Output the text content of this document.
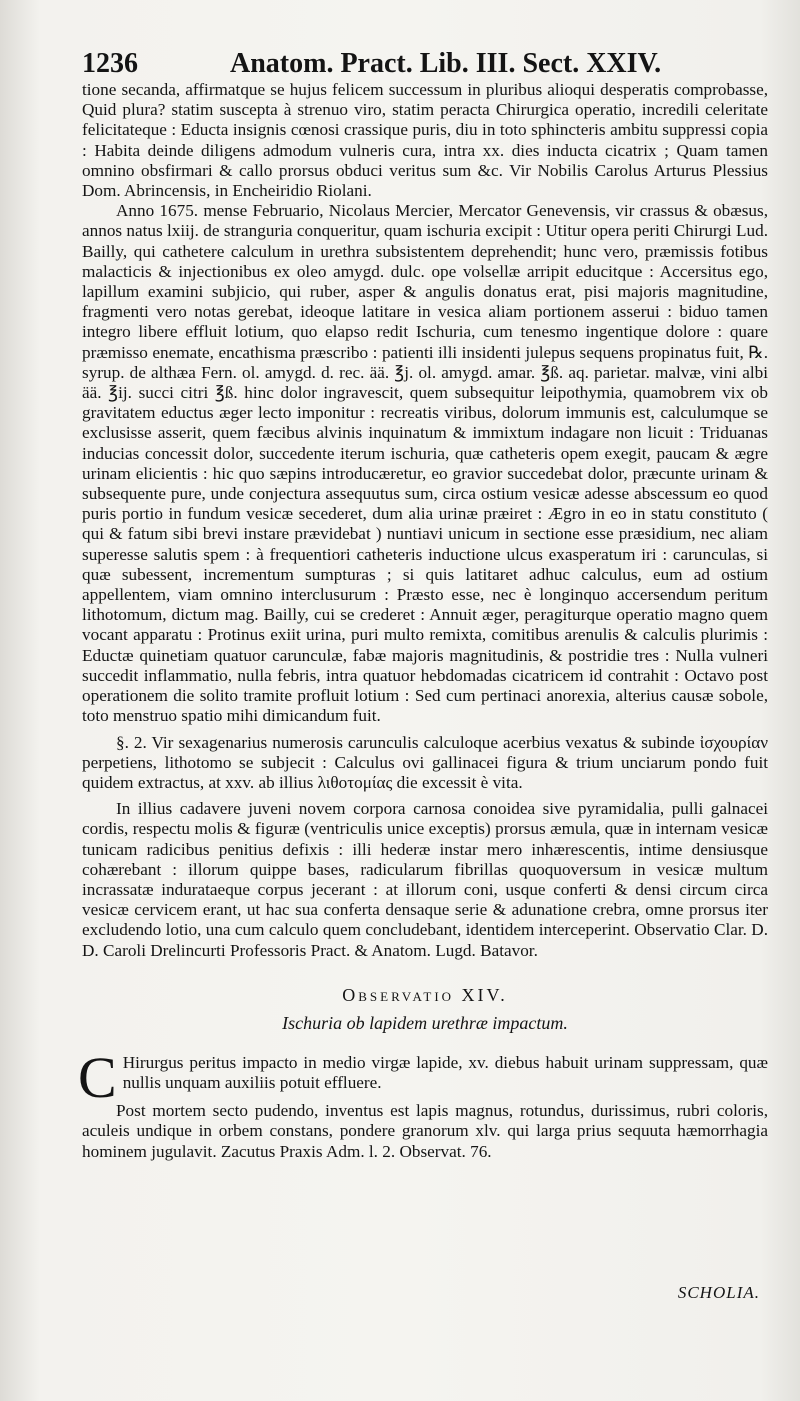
1236	Anatom. Pract. Lib. III. Sect. XXIV.

tione secanda, affirmatque se hujus felicem successum in pluribus alioqui desperatis comprobasse, Quid plura? statim suscepta à strenuo viro, statim peracta Chirurgica operatio, incredili celeritate felicitateque : Educta insignis cœnosi crassique puris, diu in toto sphincteris ambitu suppressi copia : Habita deinde diligens admodum vulneris cura, intra xx. dies inducta cicatrix ; Quam tamen omnino obsfirmari & callo prorsus obduci veritus sum &c. Vir Nobilis Carolus Arturus Plessius Dom. Abrincensis, in Encheiridio Riolani.

Anno 1675. mense Februario, Nicolaus Mercier, Mercator Genevensis, vir crassus & obæsus, annos natus lxiij. de stranguria conqueritur, quam ischuria excipit : Utitur opera periti Chirurgi Lud. Bailly, qui cathetere calculum in urethra subsistentem deprehendit; hunc vero, præmissis fotibus malacticis & injectionibus ex oleo amygd. dulc. ope volsellæ arripit educitque : Accersitus ego, lapillum examini subjicio, qui ruber, asper & angulis donatus erat, pisi majoris magnitudine, fragmenti vero notas gerebat, ideoque latitare in vesica aliam portionem asserui : biduo tamen integro libere effluit lotium, quo elapso redit Ischuria, cum tenesmo ingentique dolore : quare præmisso enemate, encathisma præscribo : patienti illi insidenti julepus sequens propinatus fuit, ℞. syrup. de althæa Fern. ol. amygd. d. rec. ää. ℥j. ol. amygd. amar. ℥ß. aq. parietar. malvæ, vini albi ää. ℥ij. succi citri ℥ß. hinc dolor ingravescit, quem subsequitur leipothymia, quamobrem vix ob gravitatem eductus æger lecto imponitur : recreatis viribus, dolorum immunis est, calculumque se exclusisse asserit, quem fæcibus alvinis inquinatum & immixtum indagare non licuit : Triduanas inducias concessit dolor, succedente iterum ischuria, quæ catheteris opem exegit, paucam & ægre urinam elicientis : hic quo sæpins introducæretur, eo gravior succedebat dolor, præcunte urinam & subsequente pure, unde conjectura assequutus sum, circa ostium vesicæ adesse abscessum eo quod puris portio in fundum vesicæ secederet, dum alia urinæ præiret : Ægro in eo in statu constituto ( qui & fatum sibi brevi instare prævidebat ) nuntiavi unicum in sectione esse præsidium, nec aliam superesse salutis spem : à frequentiori catheteris inductione ulcus exasperatum iri : carunculas, si quæ subessent, incrementum sumpturas ; si quis latitaret adhuc calculus, eum ad ostium appellentem, viam omnino interclusurum : Præsto esse, nec è longinquo accersendum peritum lithotomum, dictum mag. Bailly, cui se crederet : Annuit æger, peragiturque operatio magno quem vocant apparatu : Protinus exiit urina, puri multo remixta, comitibus arenulis & calculis plurimis : Eductæ quinetiam quatuor carunculæ, fabæ majoris magnitudinis, & postridie tres : Nulla vulneri succedit inflammatio, nulla febris, intra quatuor hebdomadas cicatricem id contrahit : Octavo post operationem die solito tramite profluit lotium : Sed cum pertinaci anorexia, alterius causæ sobole, toto menstruo spatio mihi dimicandum fuit.

§. 2. Vir sexagenarius numerosis carunculis calculoque acerbius vexatus & subinde ἰσχουρίαν perpetiens, lithotomo se subjecit : Calculus ovi gallinacei figura & trium unciarum pondo fuit quidem extractus, at xxv. ab illius λιθοτομίας die excessit è vita.

In illius cadavere juveni novem corpora carnosa conoidea sive pyramidalia, pulli galnacei cordis, respectu molis & figuræ (ventriculis unice exceptis) prorsus æmula, quæ in internam vesicæ tunicam radicibus penitius defixis : illi hederæ instar mero inhærescentis, intime densiusque cohærebant : illorum quippe bases, radicularum fibrillas quoquoversum in vesicæ multum incrassatæ indurataeque corpus jecerant : at illorum coni, usque conferti & densi circum circa vesicæ cervicem erant, ut hac sua conferta densaque serie & adunatione crebra, omne prorsus iter excludendo lotio, una cum calculo quem concludebant, identidem interceperint. Observatio Clar. D. D. Caroli Drelincurti Professoris Pract. & Anatom. Lugd. Batavor.

Observatio XIV.
Ischuria ob lapidem urethræ impactum.

C Hirurgus peritus impacto in medio virgæ lapide, xv. diebus habuit urinam suppressam, quæ nullis unquam auxiliis potuit effluere.

Post mortem secto pudendo, inventus est lapis magnus, rotundus, durissimus, rubri coloris, aculeis undique in orbem constans, pondere granorum xlv. qui larga prius sequuta hæmorrhagia hominem jugulavit. Zacutus Praxis Adm. l. 2. Observat. 76.

SCHOLIA.
